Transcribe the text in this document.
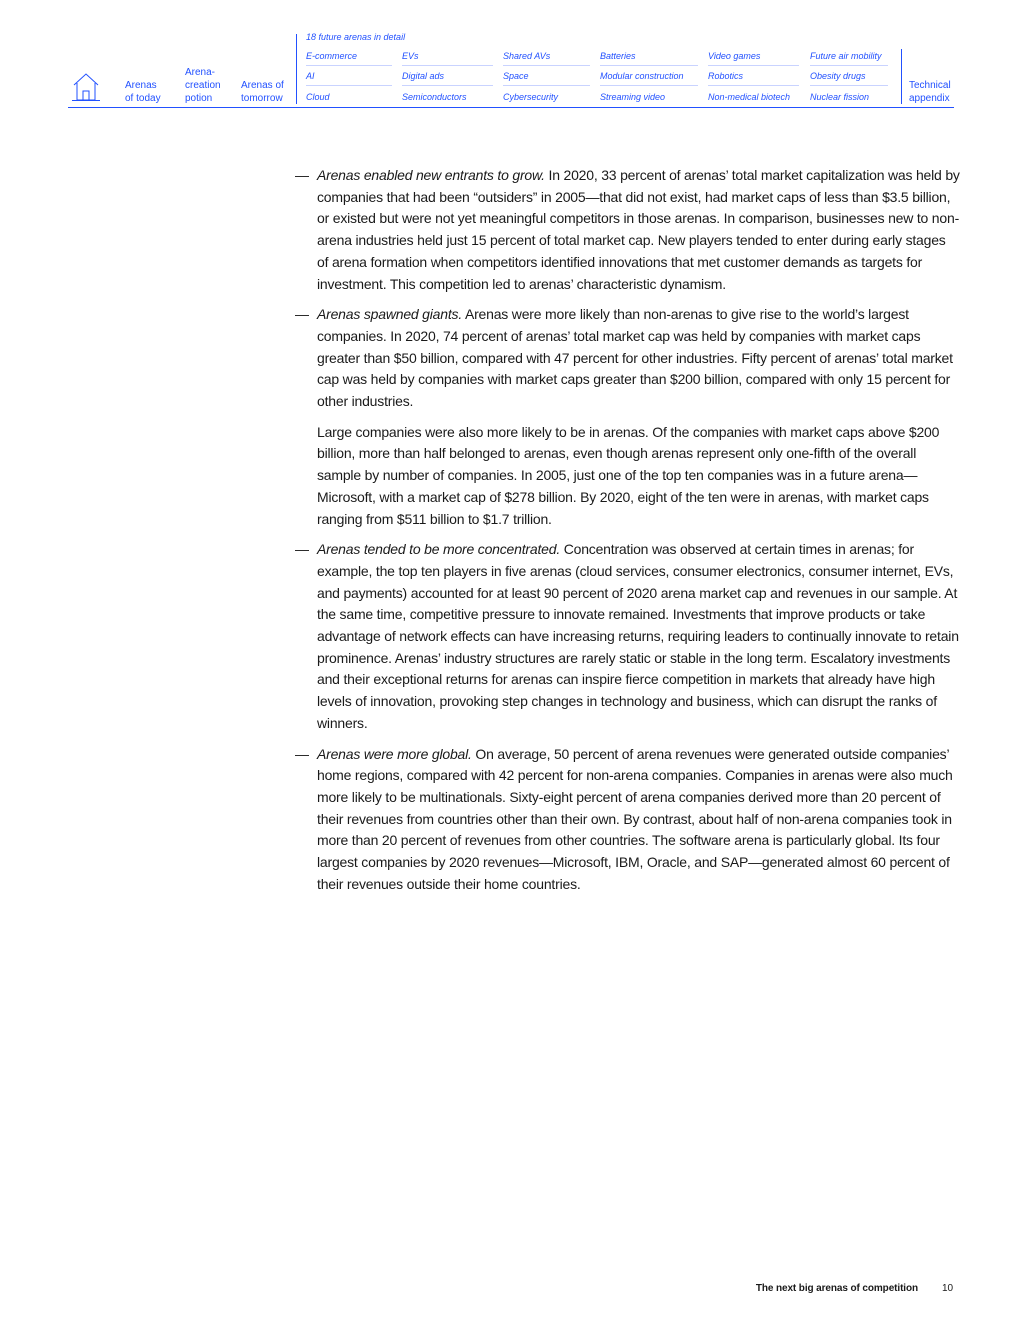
Arenas
of today
Arena-
creation
potion
Arenas of
tomorrow
18 future arenas in detail
E-commerce
AI
Cloud
EVs
Digital ads
Semiconductors
Shared AVs
Space
Cybersecurity
Batteries
Modular construction
Streaming video
Video games
Robotics
Non-medical biotech
Future air mobility
Obesity drugs
Nuclear fission
Technical
appendix
— Arenas enabled new entrants to grow. In 2020, 33 percent of arenas’ total market capitalization was held by companies that had been “outsiders” in 2005—that did not exist, had market caps of less than $3.5 billion, or existed but were not yet meaningful competitors in those arenas. In comparison, businesses new to non-arena industries held just 15 percent of total market cap. New players tended to enter during early stages of arena formation when competitors identified innovations that met customer demands as targets for investment. This competition led to arenas’ characteristic dynamism.

— Arenas spawned giants. Arenas were more likely than non-arenas to give rise to the world’s largest companies. In 2020, 74 percent of arenas’ total market cap was held by companies with market caps greater than $50 billion, compared with 47 percent for other industries. Fifty percent of arenas’ total market cap was held by companies with market caps greater than $200 billion, compared with only 15 percent for other industries.

Large companies were also more likely to be in arenas. Of the companies with market caps above $200 billion, more than half belonged to arenas, even though arenas represent only one-fifth of the overall sample by number of companies. In 2005, just one of the top ten companies was in a future arena—Microsoft, with a market cap of $278 billion. By 2020, eight of the ten were in arenas, with market caps ranging from $511 billion to $1.7 trillion.

— Arenas tended to be more concentrated. Concentration was observed at certain times in arenas; for example, the top ten players in five arenas (cloud services, consumer electronics, consumer internet, EVs, and payments) accounted for at least 90 percent of 2020 arena market cap and revenues in our sample. At the same time, competitive pressure to innovate remained. Investments that improve products or take advantage of network effects can have increasing returns, requiring leaders to continually innovate to retain prominence. Arenas’ industry structures are rarely static or stable in the long term. Escalatory investments and their exceptional returns for arenas can inspire fierce competition in markets that already have high levels of innovation, provoking step changes in technology and business, which can disrupt the ranks of winners.

— Arenas were more global. On average, 50 percent of arena revenues were generated outside companies’ home regions, compared with 42 percent for non-arena companies. Companies in arenas were also much more likely to be multinationals. Sixty-eight percent of arena companies derived more than 20 percent of their revenues from countries other than their own. By contrast, about half of non-arena companies took in more than 20 percent of revenues from other countries. The software arena is particularly global. Its four largest companies by 2020 revenues—Microsoft, IBM, Oracle, and SAP—generated almost 60 percent of their revenues outside their home countries.

The next big arenas of competition 10
